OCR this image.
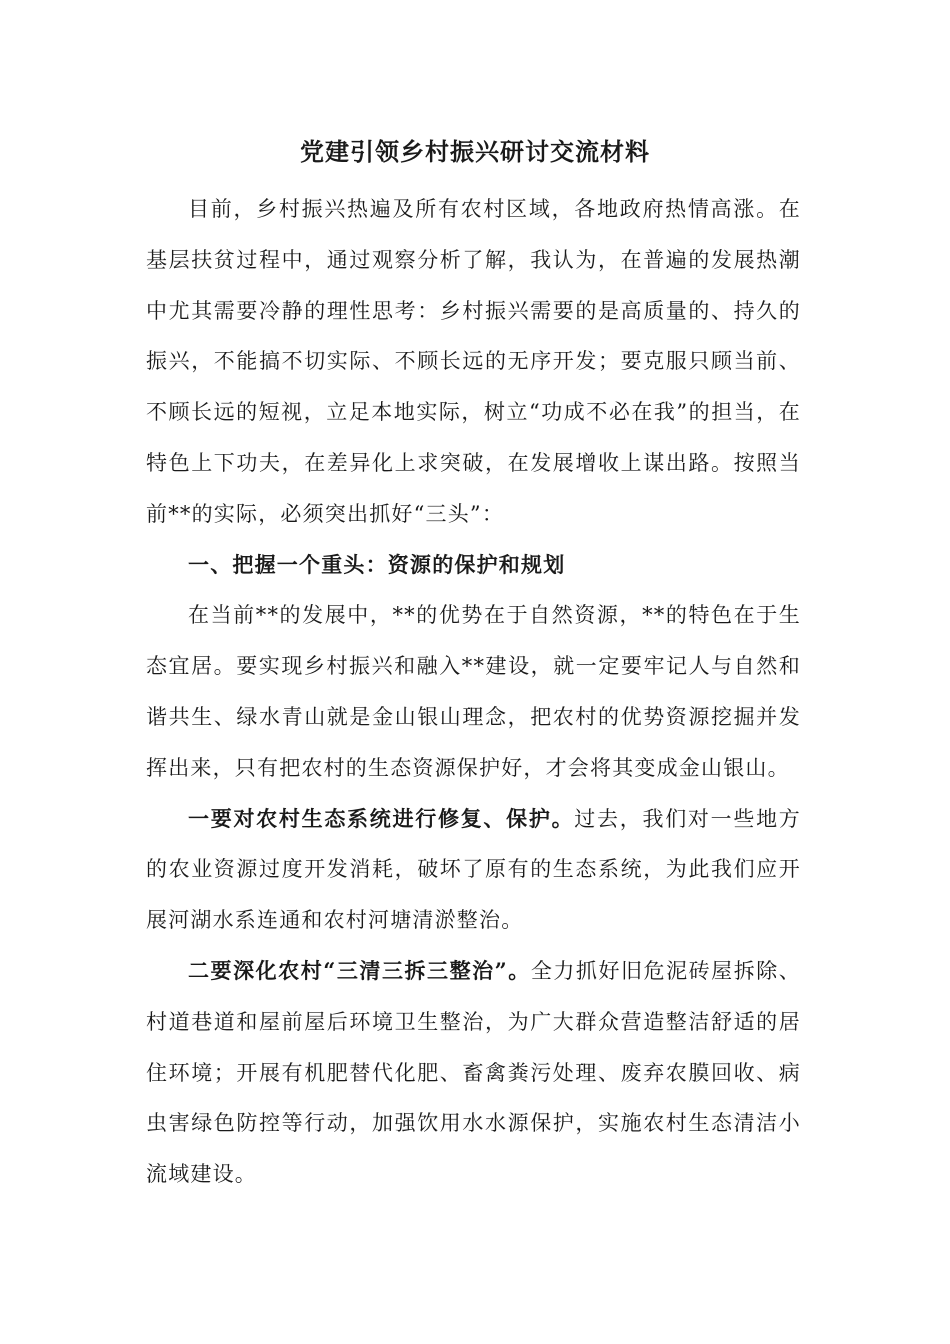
党建引领乡村振兴研讨交流材料

目前，乡村振兴热遍及所有农村区域，各地政府热情高涨。在基层扶贫过程中，通过观察分析了解，我认为，在普遍的发展热潮中尤其需要冷静的理性思考：乡村振兴需要的是高质量的、持久的振兴，不能搞不切实际、不顾长远的无序开发；要克服只顾当前、不顾长远的短视，立足本地实际，树立“功成不必在我”的担当，在特色上下功夫，在差异化上求突破，在发展增收上谋出路。按照当前**的实际，必须突出抓好“三头”：

一、把握一个重头：资源的保护和规划

在当前**的发展中，**的优势在于自然资源，**的特色在于生态宜居。要实现乡村振兴和融入**建设，就一定要牢记人与自然和谐共生、绿水青山就是金山银山理念，把农村的优势资源挖掘并发挥出来，只有把农村的生态资源保护好，才会将其变成金山银山。

一要对农村生态系统进行修复、保护。过去，我们对一些地方的农业资源过度开发消耗，破坏了原有的生态系统，为此我们应开展河湖水系连通和农村河塘清淤整治。

二要深化农村“三清三拆三整治”。全力抓好旧危泥砖屋拆除、村道巷道和屋前屋后环境卫生整治，为广大群众营造整洁舒适的居住环境；开展有机肥替代化肥、畜禽粪污处理、废弃农膜回收、病虫害绿色防控等行动，加强饮用水水源保护，实施农村生态清洁小流域建设。
